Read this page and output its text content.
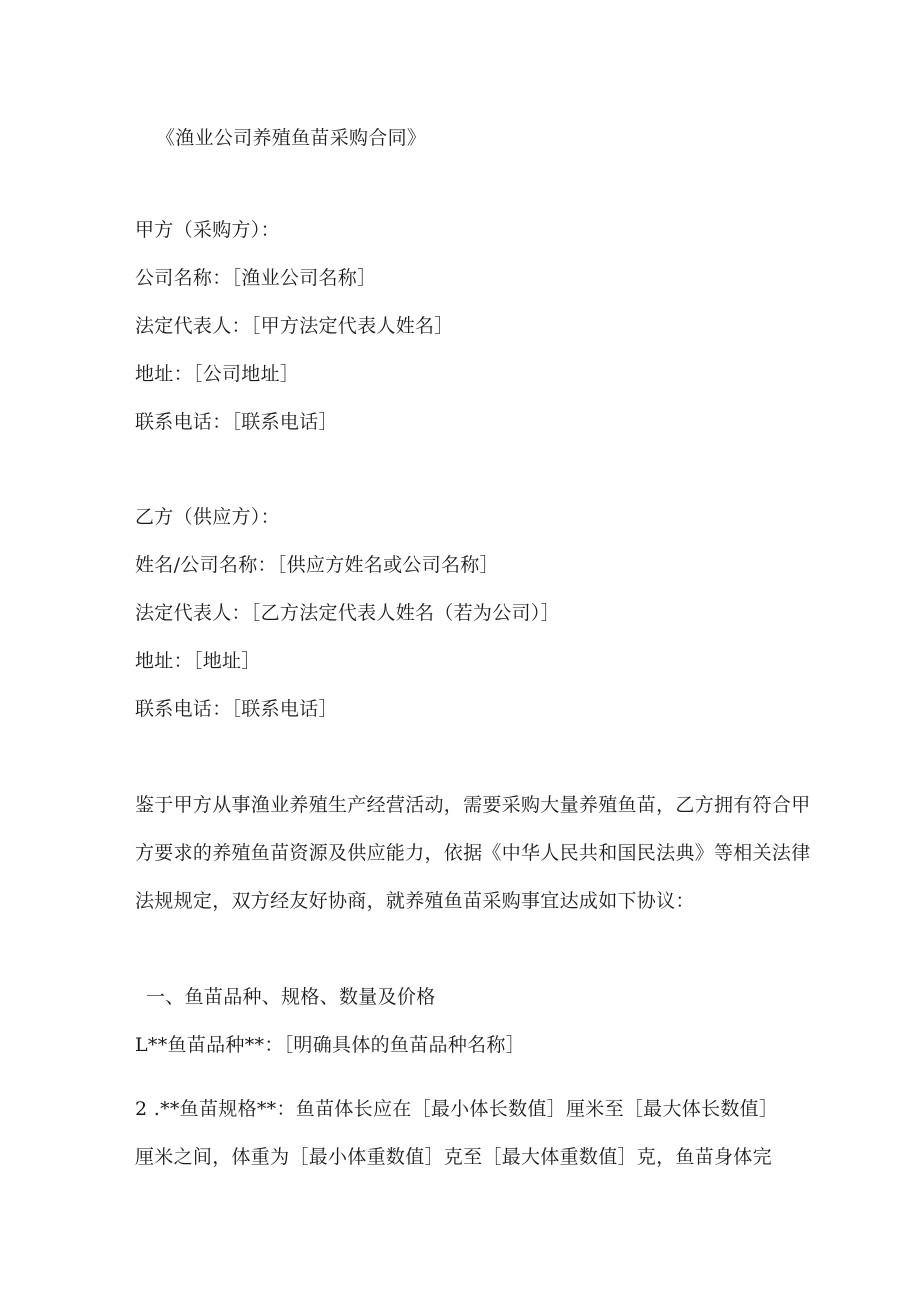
《渔业公司养殖鱼苗采购合同》
甲方（采购方）：
公司名称：［渔业公司名称］
法定代表人：［甲方法定代表人姓名］
地址：［公司地址］
联系电话：［联系电话］
乙方（供应方）：
姓名/公司名称：［供应方姓名或公司名称］
法定代表人：［乙方法定代表人姓名（若为公司）］
地址：［地址］
联系电话：［联系电话］
鉴于甲方从事渔业养殖生产经营活动，需要采购大量养殖鱼苗，乙方拥有符合甲
方要求的养殖鱼苗资源及供应能力，依据《中华人民共和国民法典》等相关法律
法规规定，双方经友好协商，就养殖鱼苗采购事宜达成如下协议：
一、鱼苗品种、规格、数量及价格
L**鱼苗品种**：［明确具体的鱼苗品种名称］
2 .**鱼苗规格**：鱼苗体长应在［最小体长数值］厘米至［最大体长数值］
厘米之间，体重为［最小体重数值］克至［最大体重数值］克，鱼苗身体完
